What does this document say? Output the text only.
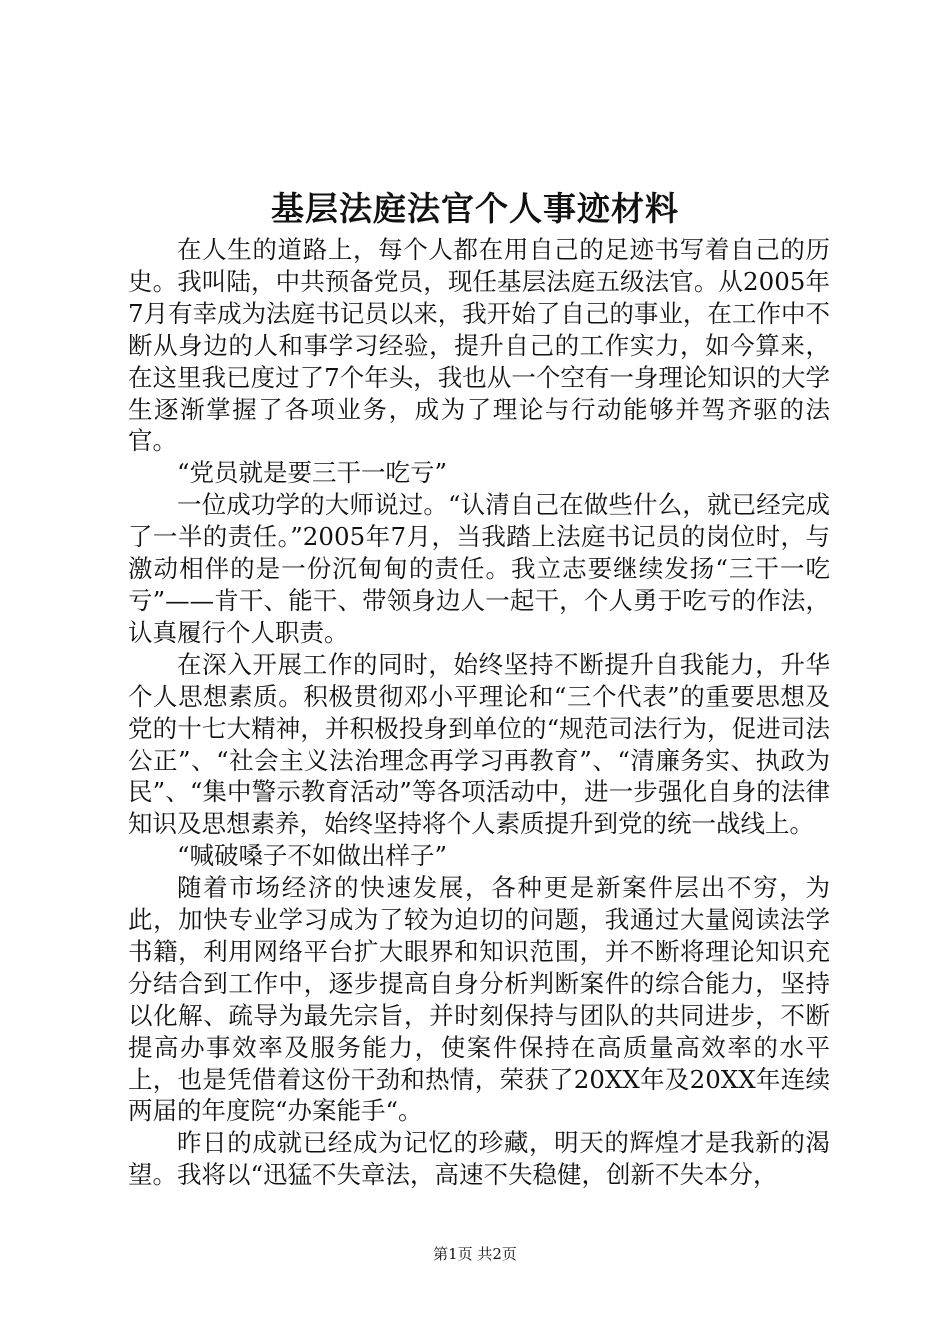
基层法庭法官个人事迹材料

在人生的道路上，每个人都在用自己的足迹书写着自己的历史。我叫陆，中共预备党员，现任基层法庭五级法官。从2005年7月有幸成为法庭书记员以来，我开始了自己的事业，在工作中不断从身边的人和事学习经验，提升自己的工作实力，如今算来，在这里我已度过了7个年头，我也从一个空有一身理论知识的大学生逐渐掌握了各项业务，成为了理论与行动能够并驾齐驱的法官。

“党员就是要三干一吃亏”

一位成功学的大师说过。“认清自己在做些什么，就已经完成了一半的责任。”2005年7月，当我踏上法庭书记员的岗位时，与激动相伴的是一份沉甸甸的责任。我立志要继续发扬“三干一吃亏”——肯干、能干、带领身边人一起干，个人勇于吃亏的作法，认真履行个人职责。

在深入开展工作的同时，始终坚持不断提升自我能力，升华个人思想素质。积极贯彻邓小平理论和“三个代表”的重要思想及党的十七大精神，并积极投身到单位的“规范司法行为，促进司法公正”、“社会主义法治理念再学习再教育”、“清廉务实、执政为民”、“集中警示教育活动”等各项活动中，进一步强化自身的法律知识及思想素养，始终坚持将个人素质提升到党的统一战线上。

“喊破嗓子不如做出样子”

随着市场经济的快速发展，各种更是新案件层出不穷，为此，加快专业学习成为了较为迫切的问题，我通过大量阅读法学书籍，利用网络平台扩大眼界和知识范围，并不断将理论知识充分结合到工作中，逐步提高自身分析判断案件的综合能力，坚持以化解、疏导为最先宗旨，并时刻保持与团队的共同进步，不断提高办事效率及服务能力，使案件保持在高质量高效率的水平上，也是凭借着这份干劲和热情，荣获了20XX年及20XX年连续两届的年度院“办案能手“。

昨日的成就已经成为记忆的珍藏，明天的辉煌才是我新的渴望。我将以“迅猛不失章法，高速不失稳健，创新不失本分，

第1页 共2页
